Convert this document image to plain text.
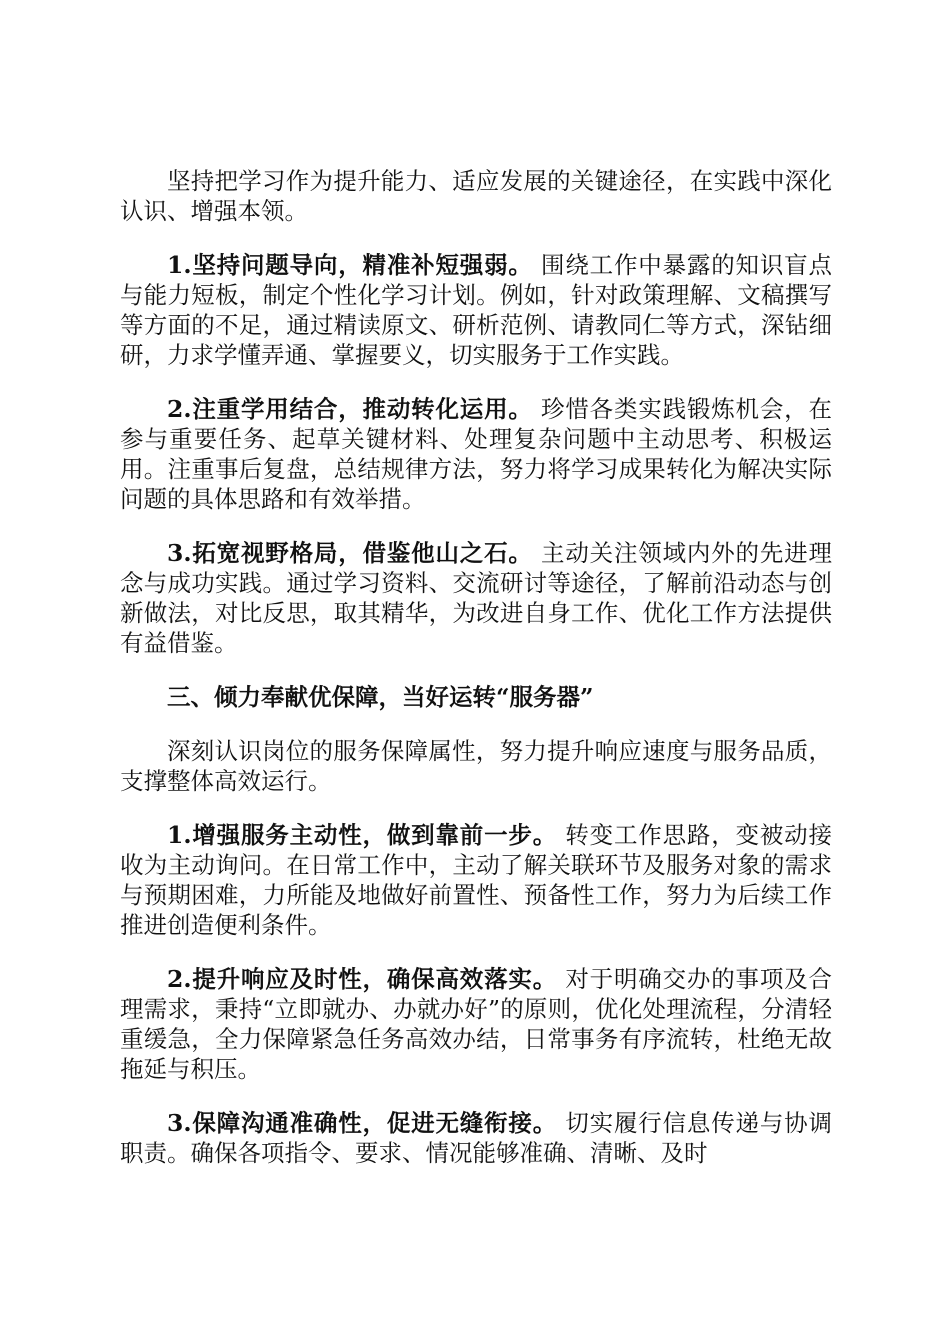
坚持把学习作为提升能力、适应发展的关键途径，在实践中深化认识、增强本领。

1.坚持问题导向，精准补短强弱。 围绕工作中暴露的知识盲点与能力短板，制定个性化学习计划。例如，针对政策理解、文稿撰写等方面的不足，通过精读原文、研析范例、请教同仁等方式，深钻细研，力求学懂弄通、掌握要义，切实服务于工作实践。

2.注重学用结合，推动转化运用。 珍惜各类实践锻炼机会，在参与重要任务、起草关键材料、处理复杂问题中主动思考、积极运用。注重事后复盘，总结规律方法，努力将学习成果转化为解决实际问题的具体思路和有效举措。

3.拓宽视野格局，借鉴他山之石。 主动关注领域内外的先进理念与成功实践。通过学习资料、交流研讨等途径，了解前沿动态与创新做法，对比反思，取其精华，为改进自身工作、优化工作方法提供有益借鉴。

三、倾力奉献优保障，当好运转“服务器”

深刻认识岗位的服务保障属性，努力提升响应速度与服务品质，支撑整体高效运行。

1.增强服务主动性，做到靠前一步。 转变工作思路，变被动接收为主动询问。在日常工作中，主动了解关联环节及服务对象的需求与预期困难，力所能及地做好前置性、预备性工作，努力为后续工作推进创造便利条件。

2.提升响应及时性，确保高效落实。 对于明确交办的事项及合理需求，秉持“立即就办、办就办好”的原则，优化处理流程，分清轻重缓急，全力保障紧急任务高效办结，日常事务有序流转，杜绝无故拖延与积压。

3.保障沟通准确性，促进无缝衔接。 切实履行信息传递与协调职责。确保各项指令、要求、情况能够准确、清晰、及时
